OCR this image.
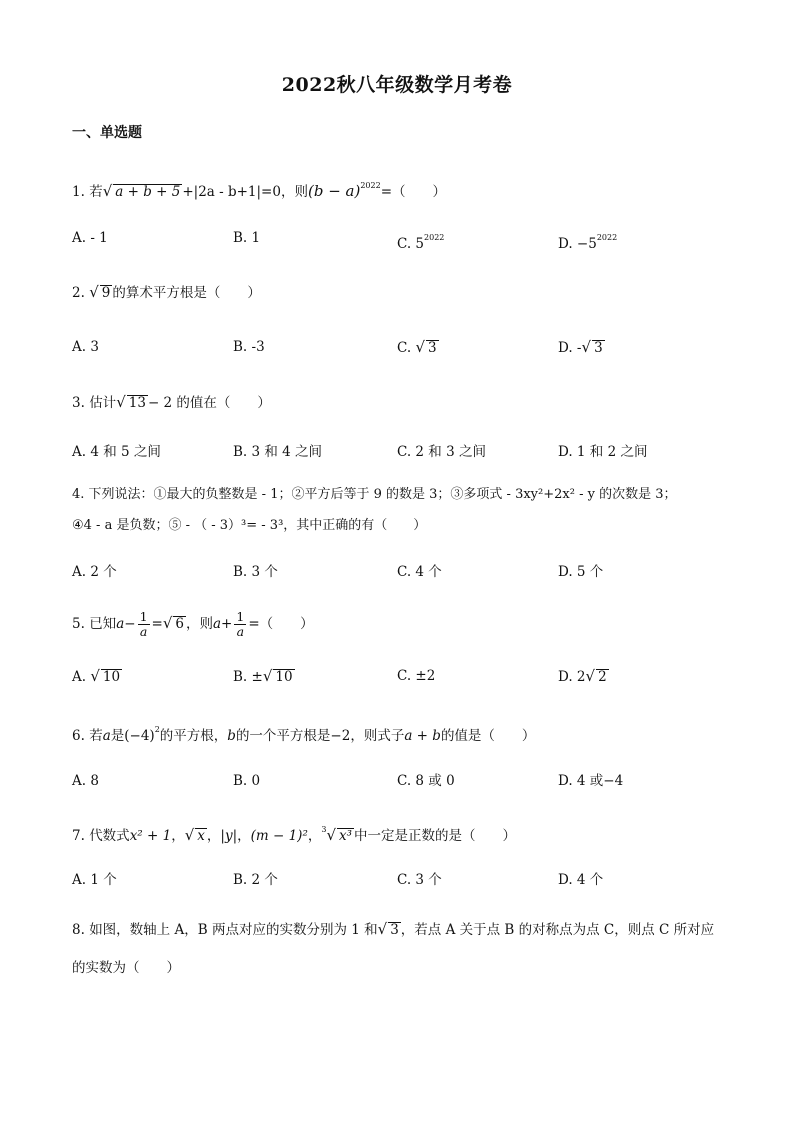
2022秋八年级数学月考卷
一、单选题
1. 若√ a + b + 5 +|2a - b+1|=0，则$(b - a)^{2022}=$（　　）
A. - 1	B. 1	C. $5^{2022}$	D. $-5^{2022}$
2. √ 9 的算术平方根是（　　）
A. 3	B. -3	C. √ 3	D. -√ 3
3. 估计√ 13 − 2 的值在（　　）
A. 4 和 5 之间	B. 3 和 4 之间	C. 2 和 3 之间	D. 1 和 2 之间
4. 下列说法：①最大的负整数是 - 1；②平方后等于 9 的数是 3；③多项式 - 3xy²+2x² - y 的次数是 3；
④4 - a 是负数；⑤ - （ - 3）³= - 3³，其中正确的有（　　）
A. 2 个	B. 3 个	C. 4 个	D. 5 个
5. 已知$a- \frac{1}{a}$ =√ 6 ，则$a+ \frac{1}{a}$ =（　　）
A. √ 10	B. ±√ 10	C. ±2	D. 2√ 2
6. 若a是$(-4)^2$的平方根，b的一个平方根是−2，则式子a + b的值是（　　）
A. 8	B. 0	C. 8 或 0	D. 4 或−4
7. 代数式x² + 1，√ x ，|y|，(m − 1)²，$^3$√ x³ 中一定是正数的是（　　）
A. 1 个	B. 2 个	C. 3 个	D. 4 个
8. 如图，数轴上 A，B 两点对应的实数分别为 1 和√ 3 ，若点 A 关于点 B 的对称点为点 C，则点 C 所对应
的实数为（　　）
